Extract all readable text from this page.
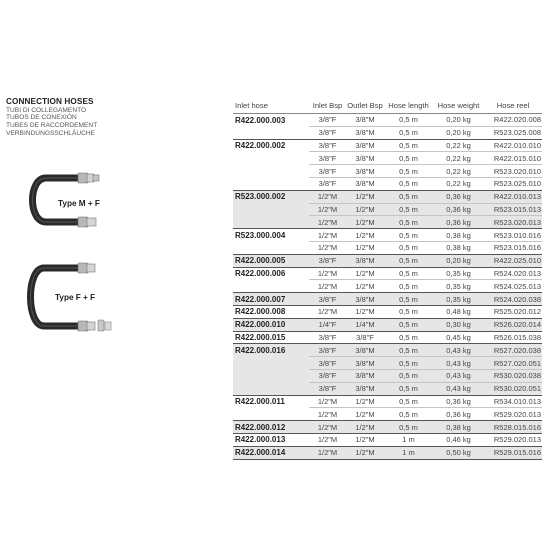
CONNECTION HOSES
TUBI DI COLLEGAMENTO
TUBOS DE CONEXIÓN
TUBES DE RACCORDEMENT
VERBINDUNGSSCHLÄUCHE
Type M + F
Type F + F
Inlet hose	Inlet Bsp	Outlet Bsp	Hose length	Hose weight	Hose reel
R422.000.003	3/8"F	3/8"M	0,5 m	0,20 kg	R422.020.008
	3/8"F	3/8"M	0,5 m	0,20 kg	R523.025.008
R422.000.002	3/8"F	3/8"M	0,5 m	0,22 kg	R422.010.010
	3/8"F	3/8"M	0,5 m	0,22 kg	R422.015.010
	3/8"F	3/8"M	0,5 m	0,22 kg	R523.020.010
	3/8"F	3/8"M	0,5 m	0,22 kg	R523.025.010
R523.000.002	1/2"M	1/2"M	0,5 m	0,36 kg	R422.010.013
	1/2"M	1/2"M	0,5 m	0,36 kg	R523.015.013
	1/2"M	1/2"M	0,5 m	0,36 kg	R523.020.013
R523.000.004	1/2"M	1/2"M	0,5 m	0,38 kg	R523.010.016
	1/2"M	1/2"M	0,5 m	0,38 kg	R523.015.016
R422.000.005	3/8"F	3/8"M	0,5 m	0,20 kg	R422.025.010
R422.000.006	1/2"M	1/2"M	0,5 m	0,35 kg	R524.020.013
	1/2"M	1/2"M	0,5 m	0,35 kg	R524.025.013
R422.000.007	3/8"F	3/8"M	0,5 m	0,35 kg	R524.020.038
R422.000.008	1/2"M	1/2"M	0,5 m	0,48 kg	R525.020.012
R422.000.010	1/4"F	1/4"M	0,5 m	0,30 kg	R526.020.014
R422.000.015	3/8"F	3/8"F	0,5 m	0,45 kg	R526.015.038
R422.000.016	3/8"F	3/8"M	0,5 m	0,43 kg	R527.020.038
	3/8"F	3/8"M	0,5 m	0,43 kg	R527.020.051
	3/8"F	3/8"M	0,5 m	0,43 kg	R530.020.038
	3/8"F	3/8"M	0,5 m	0,43 kg	R530.020.051
R422.000.011	1/2"M	1/2"M	0,5 m	0,36 kg	R534.010.013
	1/2"M	1/2"M	0,5 m	0,36 kg	R529.020.013
R422.000.012	1/2"M	1/2"M	0,5 m	0,38 kg	R528.015.016
R422.000.013	1/2"M	1/2"M	1 m	0,46 kg	R529.020.013
R422.000.014	1/2"M	1/2"M	1 m	0,50 kg	R529.015.016
